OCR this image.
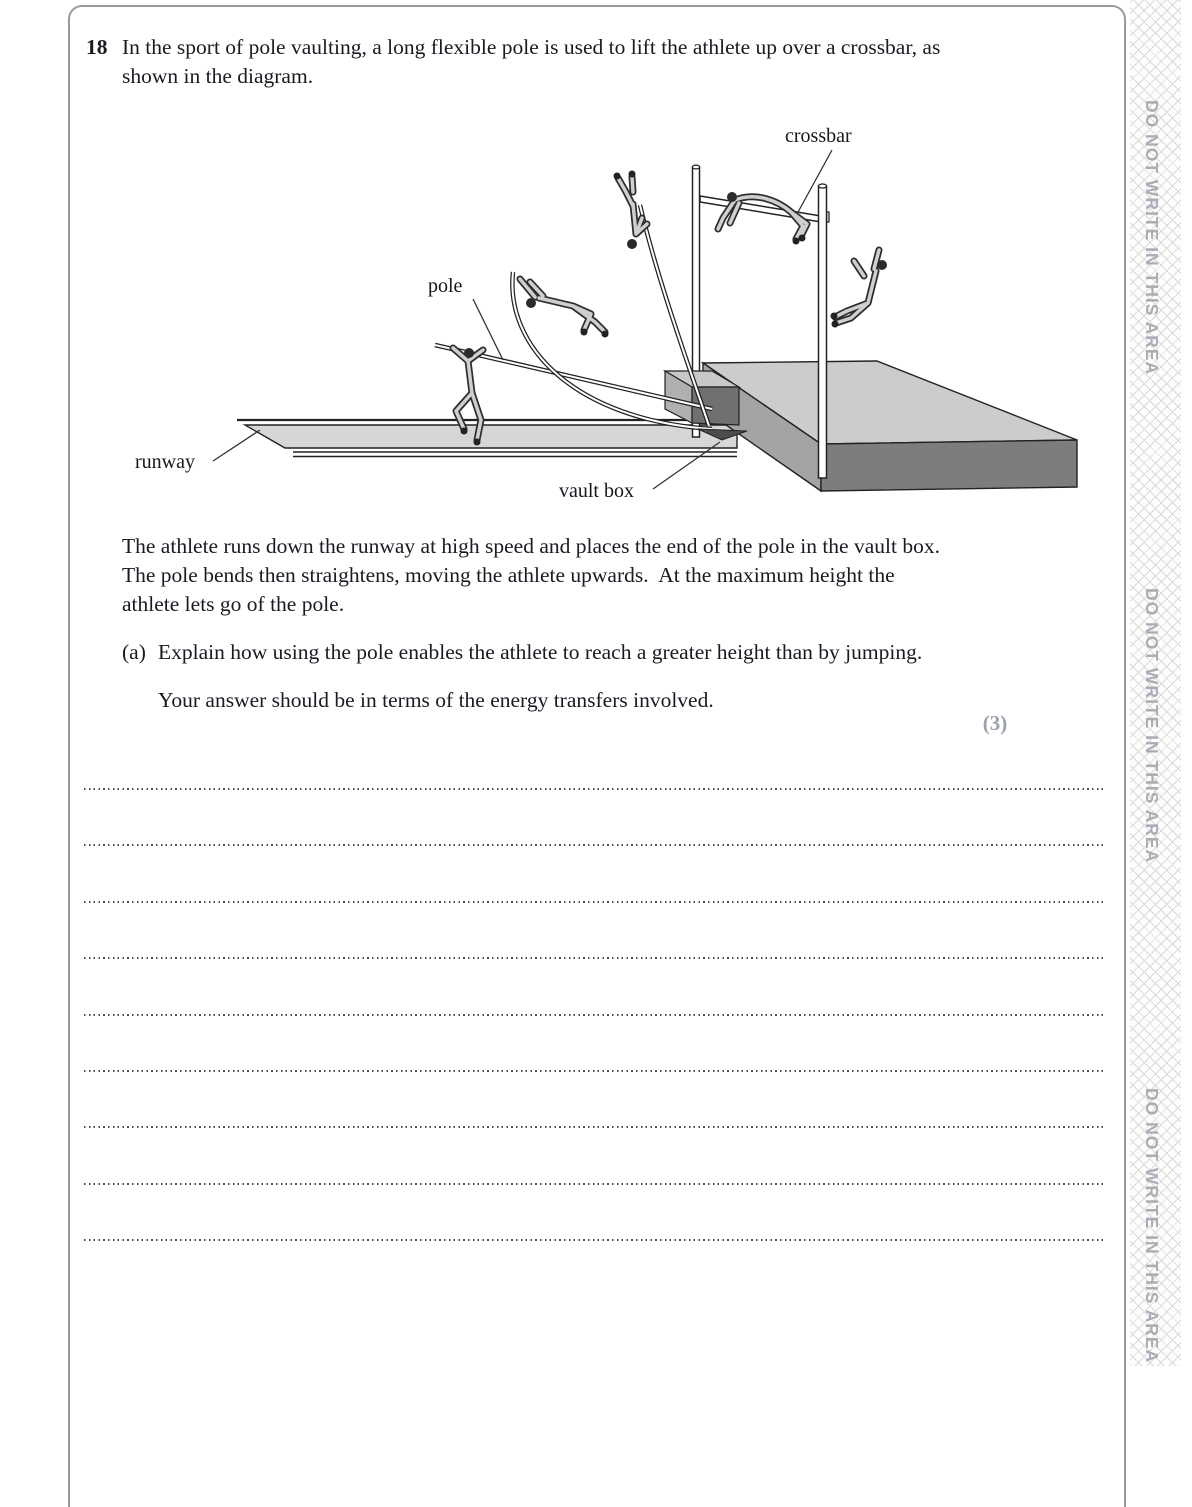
DO NOT WRITE IN THIS AREA
DO NOT WRITE IN THIS AREA
DO NOT WRITE IN THIS AREA
18 In the sport of pole vaulting, a long flexible pole is used to lift the athlete up over a crossbar, as shown in the diagram.
crossbar
pole
runway
vault box
The athlete runs down the runway at high speed and places the end of the pole in the vault box.  The pole bends then straightens, moving the athlete upwards.  At the maximum height the athlete lets go of the pole.
(a) Explain how using the pole enables the athlete to reach a greater height than by jumping.
Your answer should be in terms of the energy transfers involved.
(3)
